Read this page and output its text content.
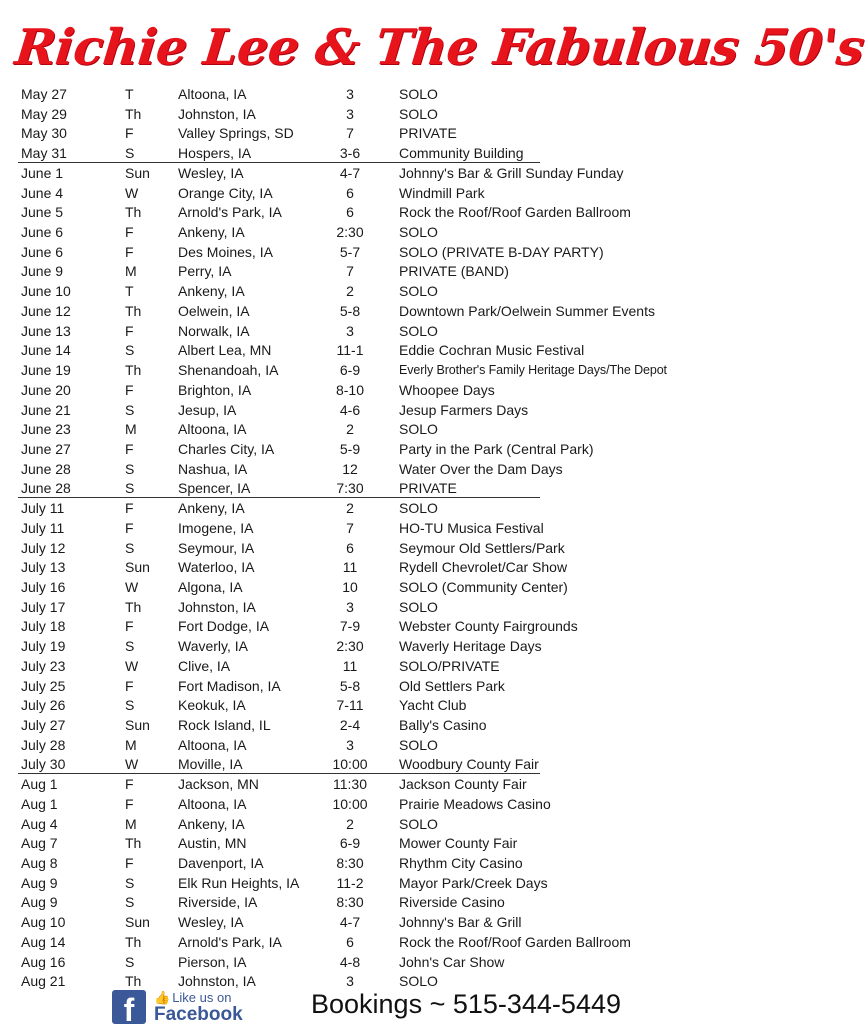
Richie Lee & The Fabulous 50's
May 27	T	Altoona, IA	3	SOLO
May 29	Th	Johnston, IA	3	SOLO
May 30	F	Valley Springs, SD	7	PRIVATE
May 31	S	Hospers, IA	3-6	Community Building
June 1	Sun Wesley, IA	4-7	Johnny's Bar & Grill Sunday Funday
June 4	W	Orange City, IA	6	Windmill Park
June 5	Th	Arnold's Park, IA	6	Rock the Roof/Roof Garden Ballroom
June 6	F	Ankeny, IA	2:30	SOLO
June 6	F	Des Moines, IA	5-7	SOLO (PRIVATE B-DAY PARTY)
June 9	M	Perry, IA	7	PRIVATE (BAND)
June 10	T	Ankeny, IA	2	SOLO
June 12	Th	Oelwein, IA	5-8	Downtown Park/Oelwein Summer Events
June 13	F	Norwalk, IA	3	SOLO
June 14	S	Albert Lea, MN	11-1	Eddie Cochran Music Festival
June 19	Th	Shenandoah, IA	6-9	Everly Brother's Family Heritage Days/The Depot
June 20	F	Brighton, IA	8-10 Whoopee Days
June 21	S	Jesup, IA	4-6	Jesup Farmers Days
June 23	M	Altoona, IA	2	SOLO
June 27	F	Charles City, IA	5-9	Party in the Park (Central Park)
June 28	S	Nashua, IA	12	Water Over the Dam Days
June 28	S	Spencer, IA	7:30	PRIVATE
July 11	F	Ankeny, IA	2	SOLO
July 11	F	Imogene, IA	7	HO-TU Musica Festival
July 12	S	Seymour, IA	6	Seymour Old Settlers/Park
July 13	Sun Waterloo, IA	11	Rydell Chevrolet/Car Show
July 16	W	Algona, IA	10	SOLO (Community Center)
July 17	Th	Johnston, IA	3	SOLO
July 18	F	Fort Dodge, IA	7-9	Webster County Fairgrounds
July 19	S	Waverly, IA	2:30	Waverly Heritage Days
July 23	W	Clive, IA	11	SOLO/PRIVATE
July 25	F	Fort Madison, IA	5-8	Old Settlers Park
July 26	S	Keokuk, IA	7-11	Yacht Club
July 27	Sun Rock Island, IL	2-4	Bally's Casino
July 28	M	Altoona, IA	3	SOLO
July 30	W	Moville, IA	10:00 Woodbury County Fair
Aug 1	F	Jackson, MN	11:30 Jackson County Fair
Aug 1	F	Altoona, IA	10:00 Prairie Meadows Casino
Aug 4	M	Ankeny, IA	2	SOLO
Aug 7	Th	Austin, MN	6-9	Mower County Fair
Aug 8	F	Davenport, IA	8:30	Rhythm City Casino
Aug 9	S	Elk Run Heights, IA	11-2	Mayor Park/Creek Days
Aug 9	S	Riverside, IA	8:30	Riverside Casino
Aug 10	Sun Wesley, IA	4-7	Johnny's Bar & Grill
Aug 14	Th	Arnold's Park, IA	6	Rock the Roof/Roof Garden Ballroom
Aug 16	S	Pierson, IA	4-8	John's Car Show
Aug 21	Th	Johnston, IA	3	SOLO
f	👍 Like us on
Facebook	Bookings ~ 515-344-5449
